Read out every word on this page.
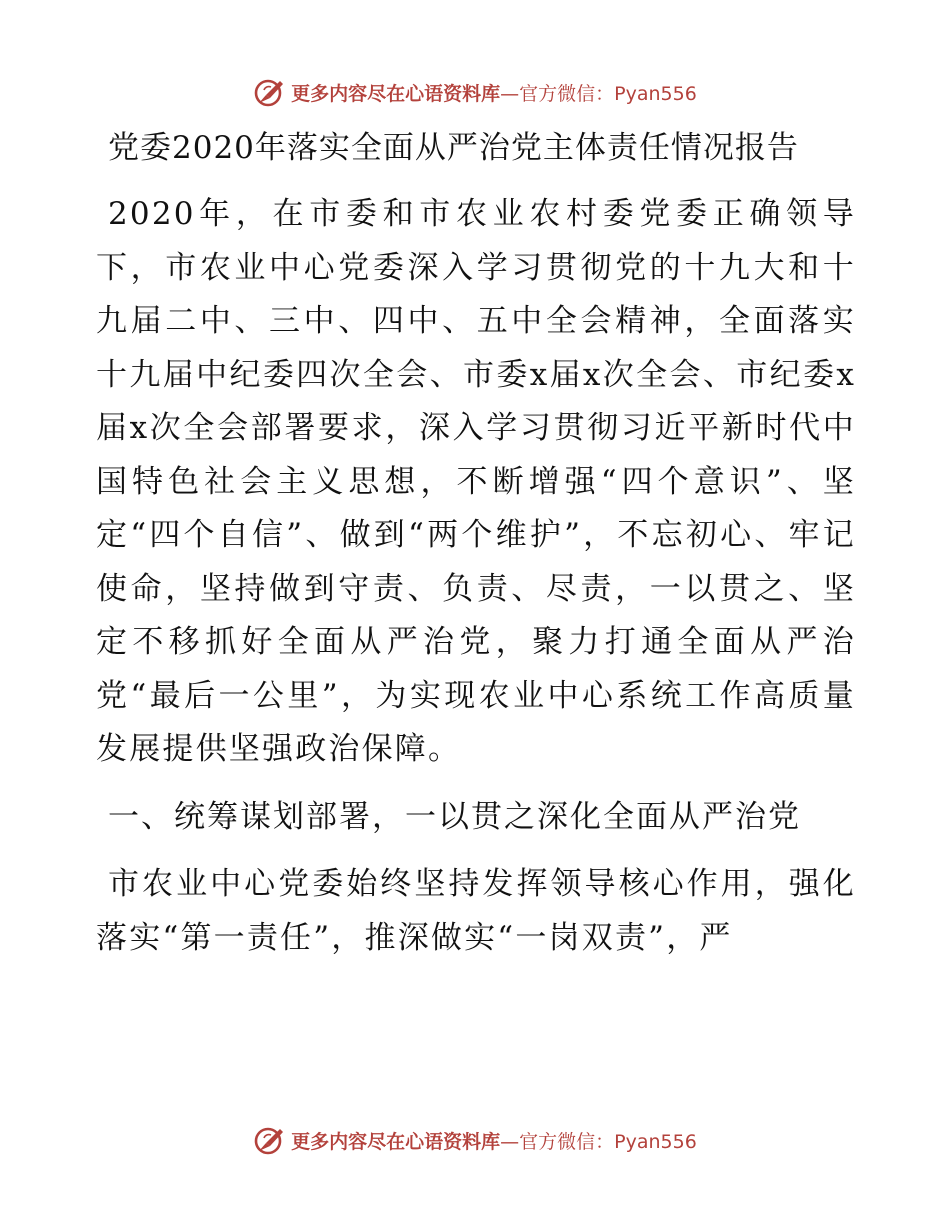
更多内容尽在心语资料库—官方微信：Pyan556
党委2020年落实全面从严治党主体责任情况报告

2020年，在市委和市农业农村委党委正确领导下，市农业中心党委深入学习贯彻党的十九大和十九届二中、三中、四中、五中全会精神，全面落实十九届中纪委四次全会、市委x届x次全会、市纪委x届x次全会部署要求，深入学习贯彻习近平新时代中国特色社会主义思想，不断增强“四个意识”、坚定“四个自信”、做到“两个维护”，不忘初心、牢记使命，坚持做到守责、负责、尽责，一以贯之、坚定不移抓好全面从严治党，聚力打通全面从严治党“最后一公里”，为实现农业中心系统工作高质量发展提供坚强政治保障。

一、统筹谋划部署，一以贯之深化全面从严治党

市农业中心党委始终坚持发挥领导核心作用，强化落实“第一责任”，推深做实“一岗双责”，严

更多内容尽在心语资料库—官方微信：Pyan556
